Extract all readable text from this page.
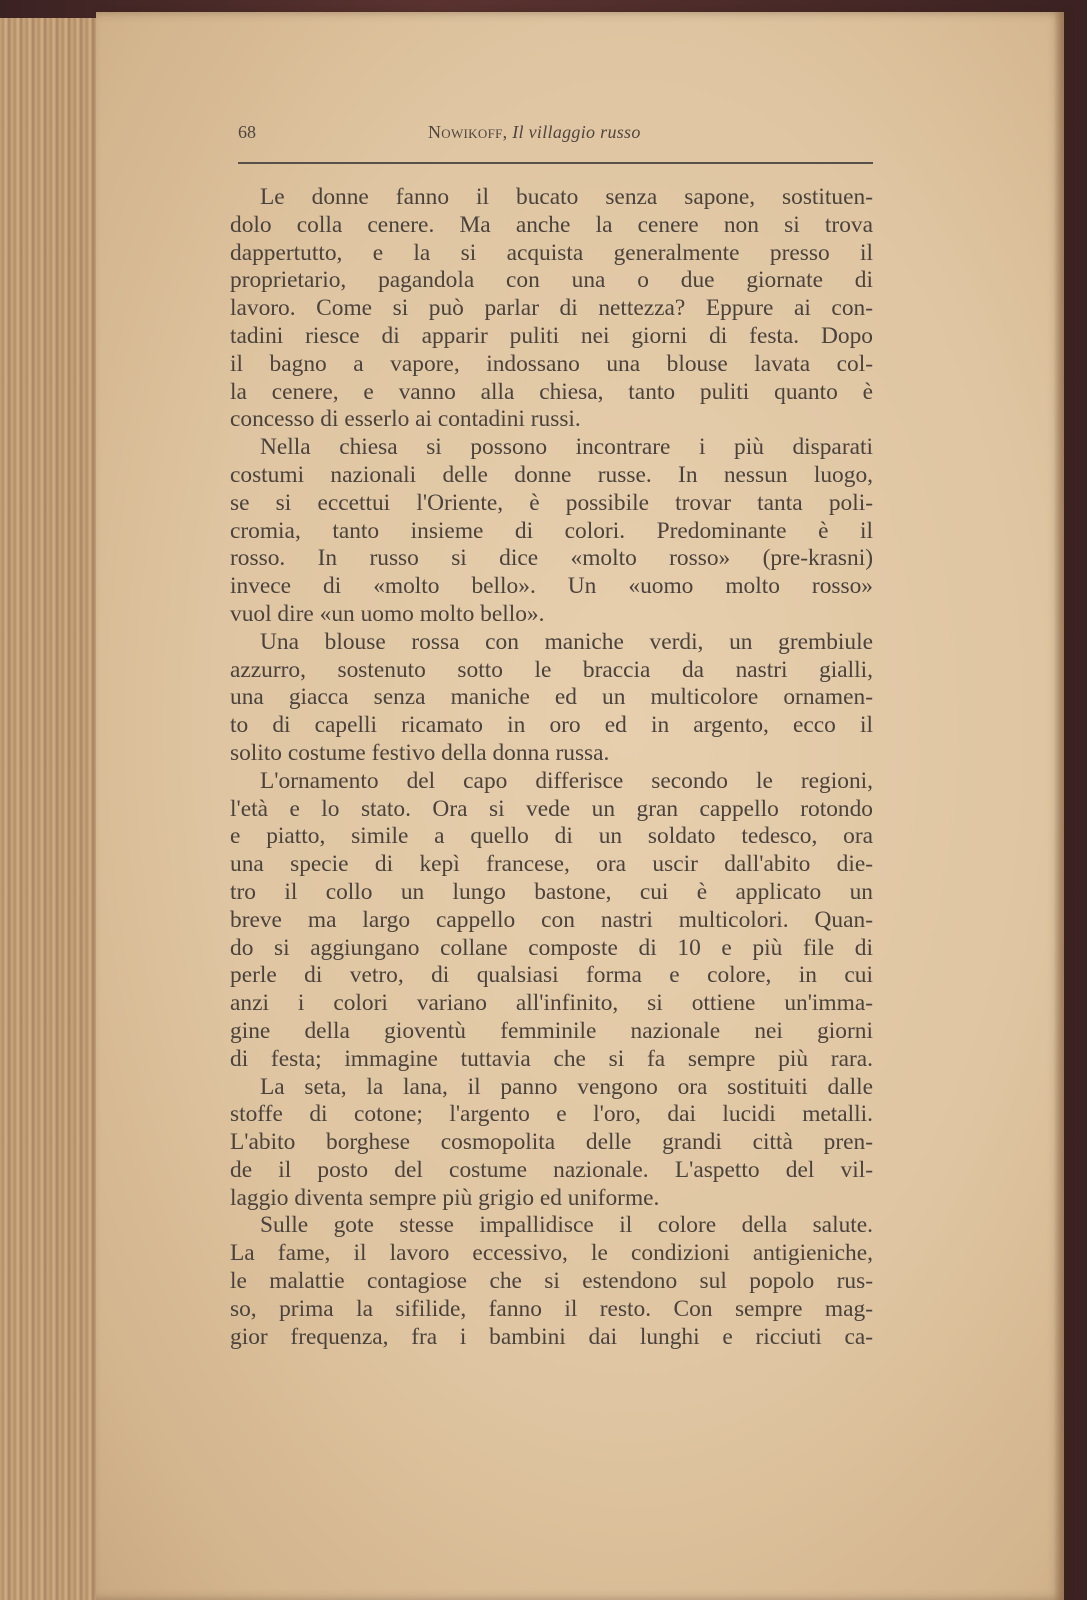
68	Nowikoff, Il villaggio russo
Le donne fanno il bucato senza sapone, sostituen-
dolo colla cenere. Ma anche la cenere non si trova
dappertutto, e la si acquista generalmente presso il
proprietario, pagandola con una o due giornate di
lavoro. Come si può parlar di nettezza? Eppure ai con-
tadini riesce di apparir puliti nei giorni di festa. Dopo
il bagno a vapore, indossano una blouse lavata col-
la cenere, e vanno alla chiesa, tanto puliti quanto è
concesso di esserlo ai contadini russi.
Nella chiesa si possono incontrare i più disparati
costumi nazionali delle donne russe. In nessun luogo,
se si eccettui l'Oriente, è possibile trovar tanta poli-
cromia, tanto insieme di colori. Predominante è il
rosso. In russo si dice «molto rosso» (pre-krasni)
invece di «molto bello». Un «uomo molto rosso»
vuol dire «un uomo molto bello».
Una blouse rossa con maniche verdi, un grembiule
azzurro, sostenuto sotto le braccia da nastri gialli,
una giacca senza maniche ed un multicolore ornamen-
to di capelli ricamato in oro ed in argento, ecco il
solito costume festivo della donna russa.
L'ornamento del capo differisce secondo le regioni,
l'età e lo stato. Ora si vede un gran cappello rotondo
e piatto, simile a quello di un soldato tedesco, ora
una specie di kepì francese, ora uscir dall'abito die-
tro il collo un lungo bastone, cui è applicato un
breve ma largo cappello con nastri multicolori. Quan-
do si aggiungano collane composte di 10 e più file di
perle di vetro, di qualsiasi forma e colore, in cui
anzi i colori variano all'infinito, si ottiene un'imma-
gine della gioventù femminile nazionale nei giorni
di festa; immagine tuttavia che si fa sempre più rara.
La seta, la lana, il panno vengono ora sostituiti dalle
stoffe di cotone; l'argento e l'oro, dai lucidi metalli.
L'abito borghese cosmopolita delle grandi città pren-
de il posto del costume nazionale. L'aspetto del vil-
laggio diventa sempre più grigio ed uniforme.
Sulle gote stesse impallidisce il colore della salute.
La fame, il lavoro eccessivo, le condizioni antigieniche,
le malattie contagiose che si estendono sul popolo rus-
so, prima la sifilide, fanno il resto. Con sempre mag-
gior frequenza, fra i bambini dai lunghi e ricciuti ca-
